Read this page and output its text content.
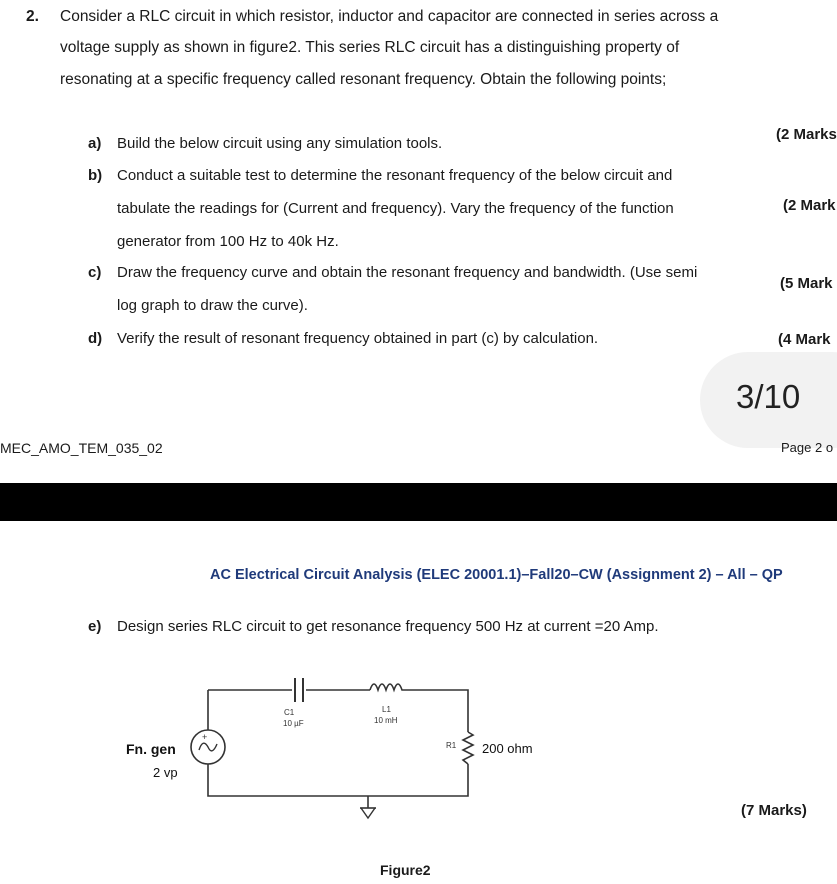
2. Consider a RLC circuit in which resistor, inductor and capacitor are connected in series across a
voltage supply as shown in figure2. This series RLC circuit has a distinguishing property of
resonating at a specific frequency called resonant frequency. Obtain the following points;
a) Build the below circuit using any simulation tools.
(2 Marks
b) Conduct a suitable test to determine the resonant frequency of the below circuit and
tabulate the readings for (Current and frequency). Vary the frequency of the function
generator from 100 Hz to 40k Hz.
(2 Mark
c) Draw the frequency curve and obtain the resonant frequency and bandwidth. (Use semi
log graph to draw the curve).
(5 Mark
d) Verify the result of resonant frequency obtained in part (c) by calculation.	(4 Mark
3/10
MEC_AMO_TEM_035_02	Page 2 o
AC Electrical Circuit Analysis (ELEC 20001.1)–Fall20–CW (Assignment 2) – All – QP
e) Design series RLC circuit to get resonance frequency 500 Hz at current =20 Amp.
C1
10 µF
L1
10 mH
R1 200 ohm
+
Fn. gen
2 vp
(7 Marks)
Figure2
